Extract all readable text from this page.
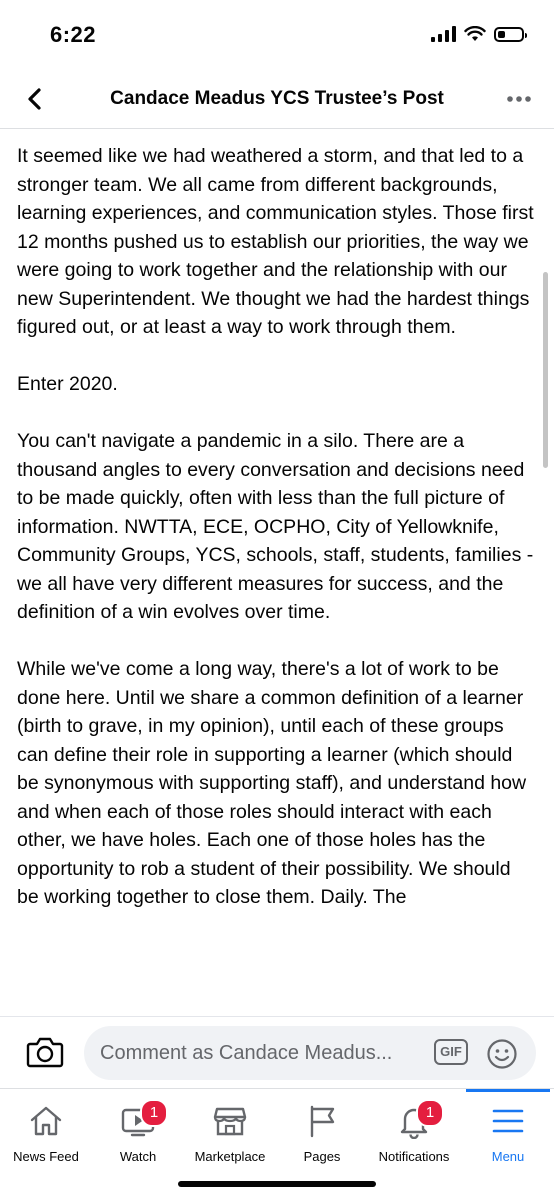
6:22
Candace Meadus YCS Trustee’s Post

It seemed like we had weathered a storm, and that led to a stronger team. We all came from different backgrounds, learning experiences, and communication styles. Those first 12 months pushed us to establish our priorities, the way we were going to work together and the relationship with our new Superintendent. We thought we had the hardest things figured out, or at least a way to work through them.

Enter 2020.

You can't navigate a pandemic in a silo. There are a thousand angles to every conversation and decisions need to be made quickly, often with less than the full picture of information. NWTTA, ECE, OCPHO, City of Yellowknife, Community Groups, YCS, schools, staff, students, families - we all have very different measures for success, and the definition of a win evolves over time.

While we've come a long way, there's a lot of work to be done here. Until we share a common definition of a learner (birth to grave, in my opinion), until each of these groups can define their role in supporting a learner (which should be synonymous with supporting staff), and understand how and when each of those roles should interact with each other, we have holes. Each one of those holes has the opportunity to rob a student of their possibility. We should be working together to close them. Daily. The

Comment as Candace Meadus...	GIF
News Feed
1
Watch	Marketplace	Pages
1
Notifications	Menu
